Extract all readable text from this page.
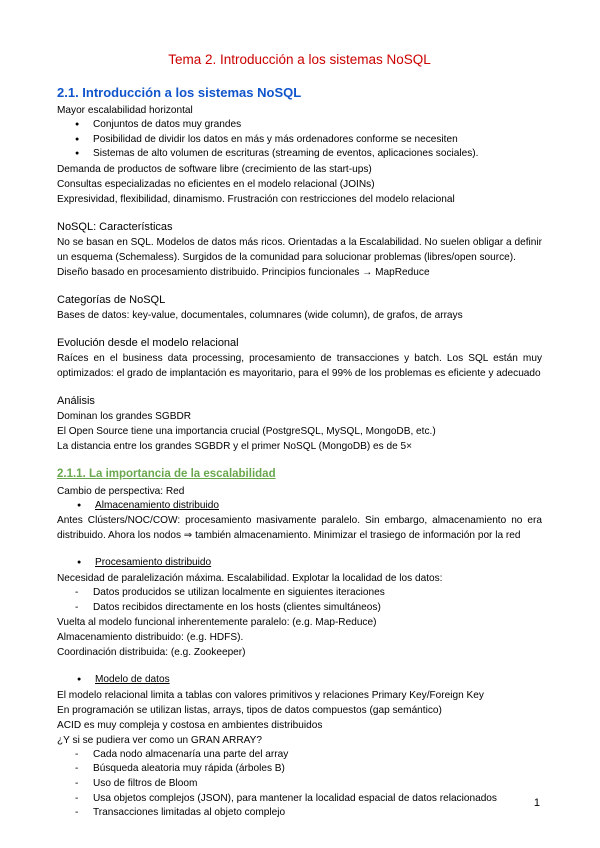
Tema 2. Introducción a los sistemas NoSQL
2.1. Introducción a los sistemas NoSQL
Mayor escalabilidad horizontal
● Conjuntos de datos muy grandes
● Posibilidad de dividir los datos en más y más ordenadores conforme se necesiten
● Sistemas de alto volumen de escrituras (streaming de eventos, aplicaciones sociales).
Demanda de productos de software libre (crecimiento de las start-ups)
Consultas especializadas no eficientes en el modelo relacional (JOINs)
Expresividad, flexibilidad, dinamismo. Frustración con restricciones del modelo relacional
NoSQL: Características
No se basan en SQL. Modelos de datos más ricos. Orientadas a la Escalabilidad. No suelen obligar a definir un esquema (Schemaless). Surgidos de la comunidad para solucionar problemas (libres/open source).
Diseño basado en procesamiento distribuido. Principios funcionales → MapReduce
Categorías de NoSQL
Bases de datos: key-value, documentales, columnares (wide column), de grafos, de arrays
Evolución desde el modelo relacional
Raíces en el business data processing, procesamiento de transacciones y batch. Los SQL están muy optimizados: el grado de implantación es mayoritario, para el 99% de los problemas es eficiente y adecuado
Análisis
Dominan los grandes SGBDR
El Open Source tiene una importancia crucial (PostgreSQL, MySQL, MongoDB, etc.)
La distancia entre los grandes SGBDR y el primer NoSQL (MongoDB) es de 5×
2.1.1. La importancia de la escalabilidad
Cambio de perspectiva: Red
● Almacenamiento distribuido
Antes Clústers/NOC/COW: procesamiento masivamente paralelo. Sin embargo, almacenamiento no era distribuido. Ahora los nodos ⇒ también almacenamiento. Minimizar el trasiego de información por la red
● Procesamiento distribuido
Necesidad de paralelización máxima. Escalabilidad. Explotar la localidad de los datos:
- Datos producidos se utilizan localmente en siguientes iteraciones
- Datos recibidos directamente en los hosts (clientes simultáneos)
Vuelta al modelo funcional inherentemente paralelo: (e.g. Map-Reduce)
Almacenamiento distribuido: (e.g. HDFS).
Coordinación distribuida: (e.g. Zookeeper)
● Modelo de datos
El modelo relacional limita a tablas con valores primitivos y relaciones Primary Key/Foreign Key
En programación se utilizan listas, arrays, tipos de datos compuestos (gap semántico)
ACID es muy compleja y costosa en ambientes distribuidos
¿Y si se pudiera ver como un GRAN ARRAY?
- Cada nodo almacenaría una parte del array
- Búsqueda aleatoria muy rápida (árboles B)
- Uso de filtros de Bloom
- Usa objetos complejos (JSON), para mantener la localidad espacial de datos relacionados
- Transacciones limitadas al objeto complejo
1
